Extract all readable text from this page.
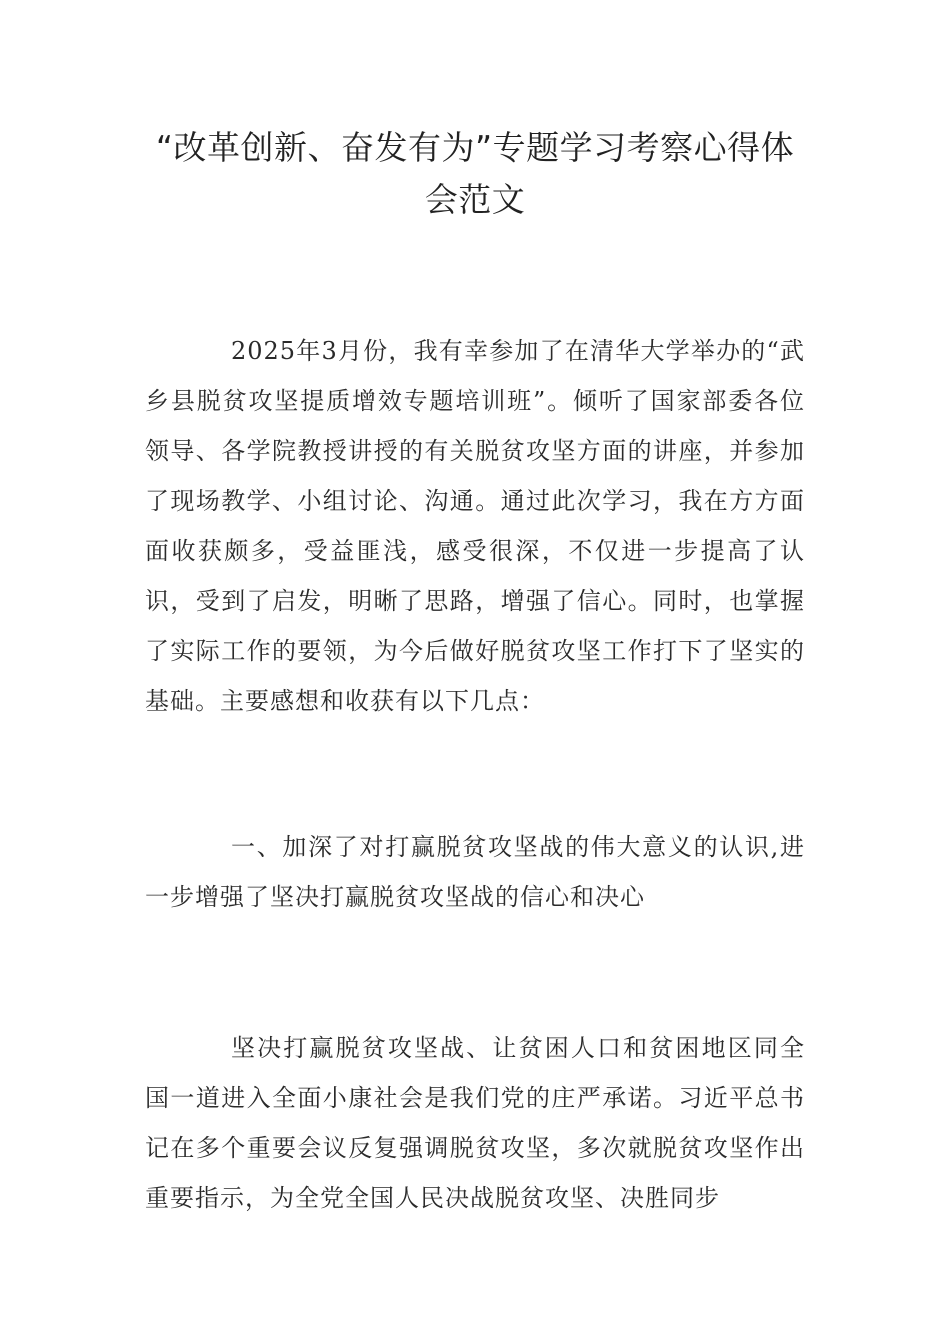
“改革创新、奋发有为”专题学习考察心得体会范文

2025年3月份，我有幸参加了在清华大学举办的“武乡县脱贫攻坚提质增效专题培训班”。倾听了国家部委各位领导、各学院教授讲授的有关脱贫攻坚方面的讲座，并参加了现场教学、小组讨论、沟通。通过此次学习，我在方方面面收获颇多，受益匪浅，感受很深，不仅进一步提高了认识，受到了启发，明晰了思路，增强了信心。同时，也掌握了实际工作的要领，为今后做好脱贫攻坚工作打下了坚实的基础。主要感想和收获有以下几点：

一、加深了对打赢脱贫攻坚战的伟大意义的认识,进一步增强了坚决打赢脱贫攻坚战的信心和决心

坚决打赢脱贫攻坚战、让贫困人口和贫困地区同全国一道进入全面小康社会是我们党的庄严承诺。习近平总书记在多个重要会议反复强调脱贫攻坚，多次就脱贫攻坚作出重要指示，为全党全国人民决战脱贫攻坚、决胜同步
